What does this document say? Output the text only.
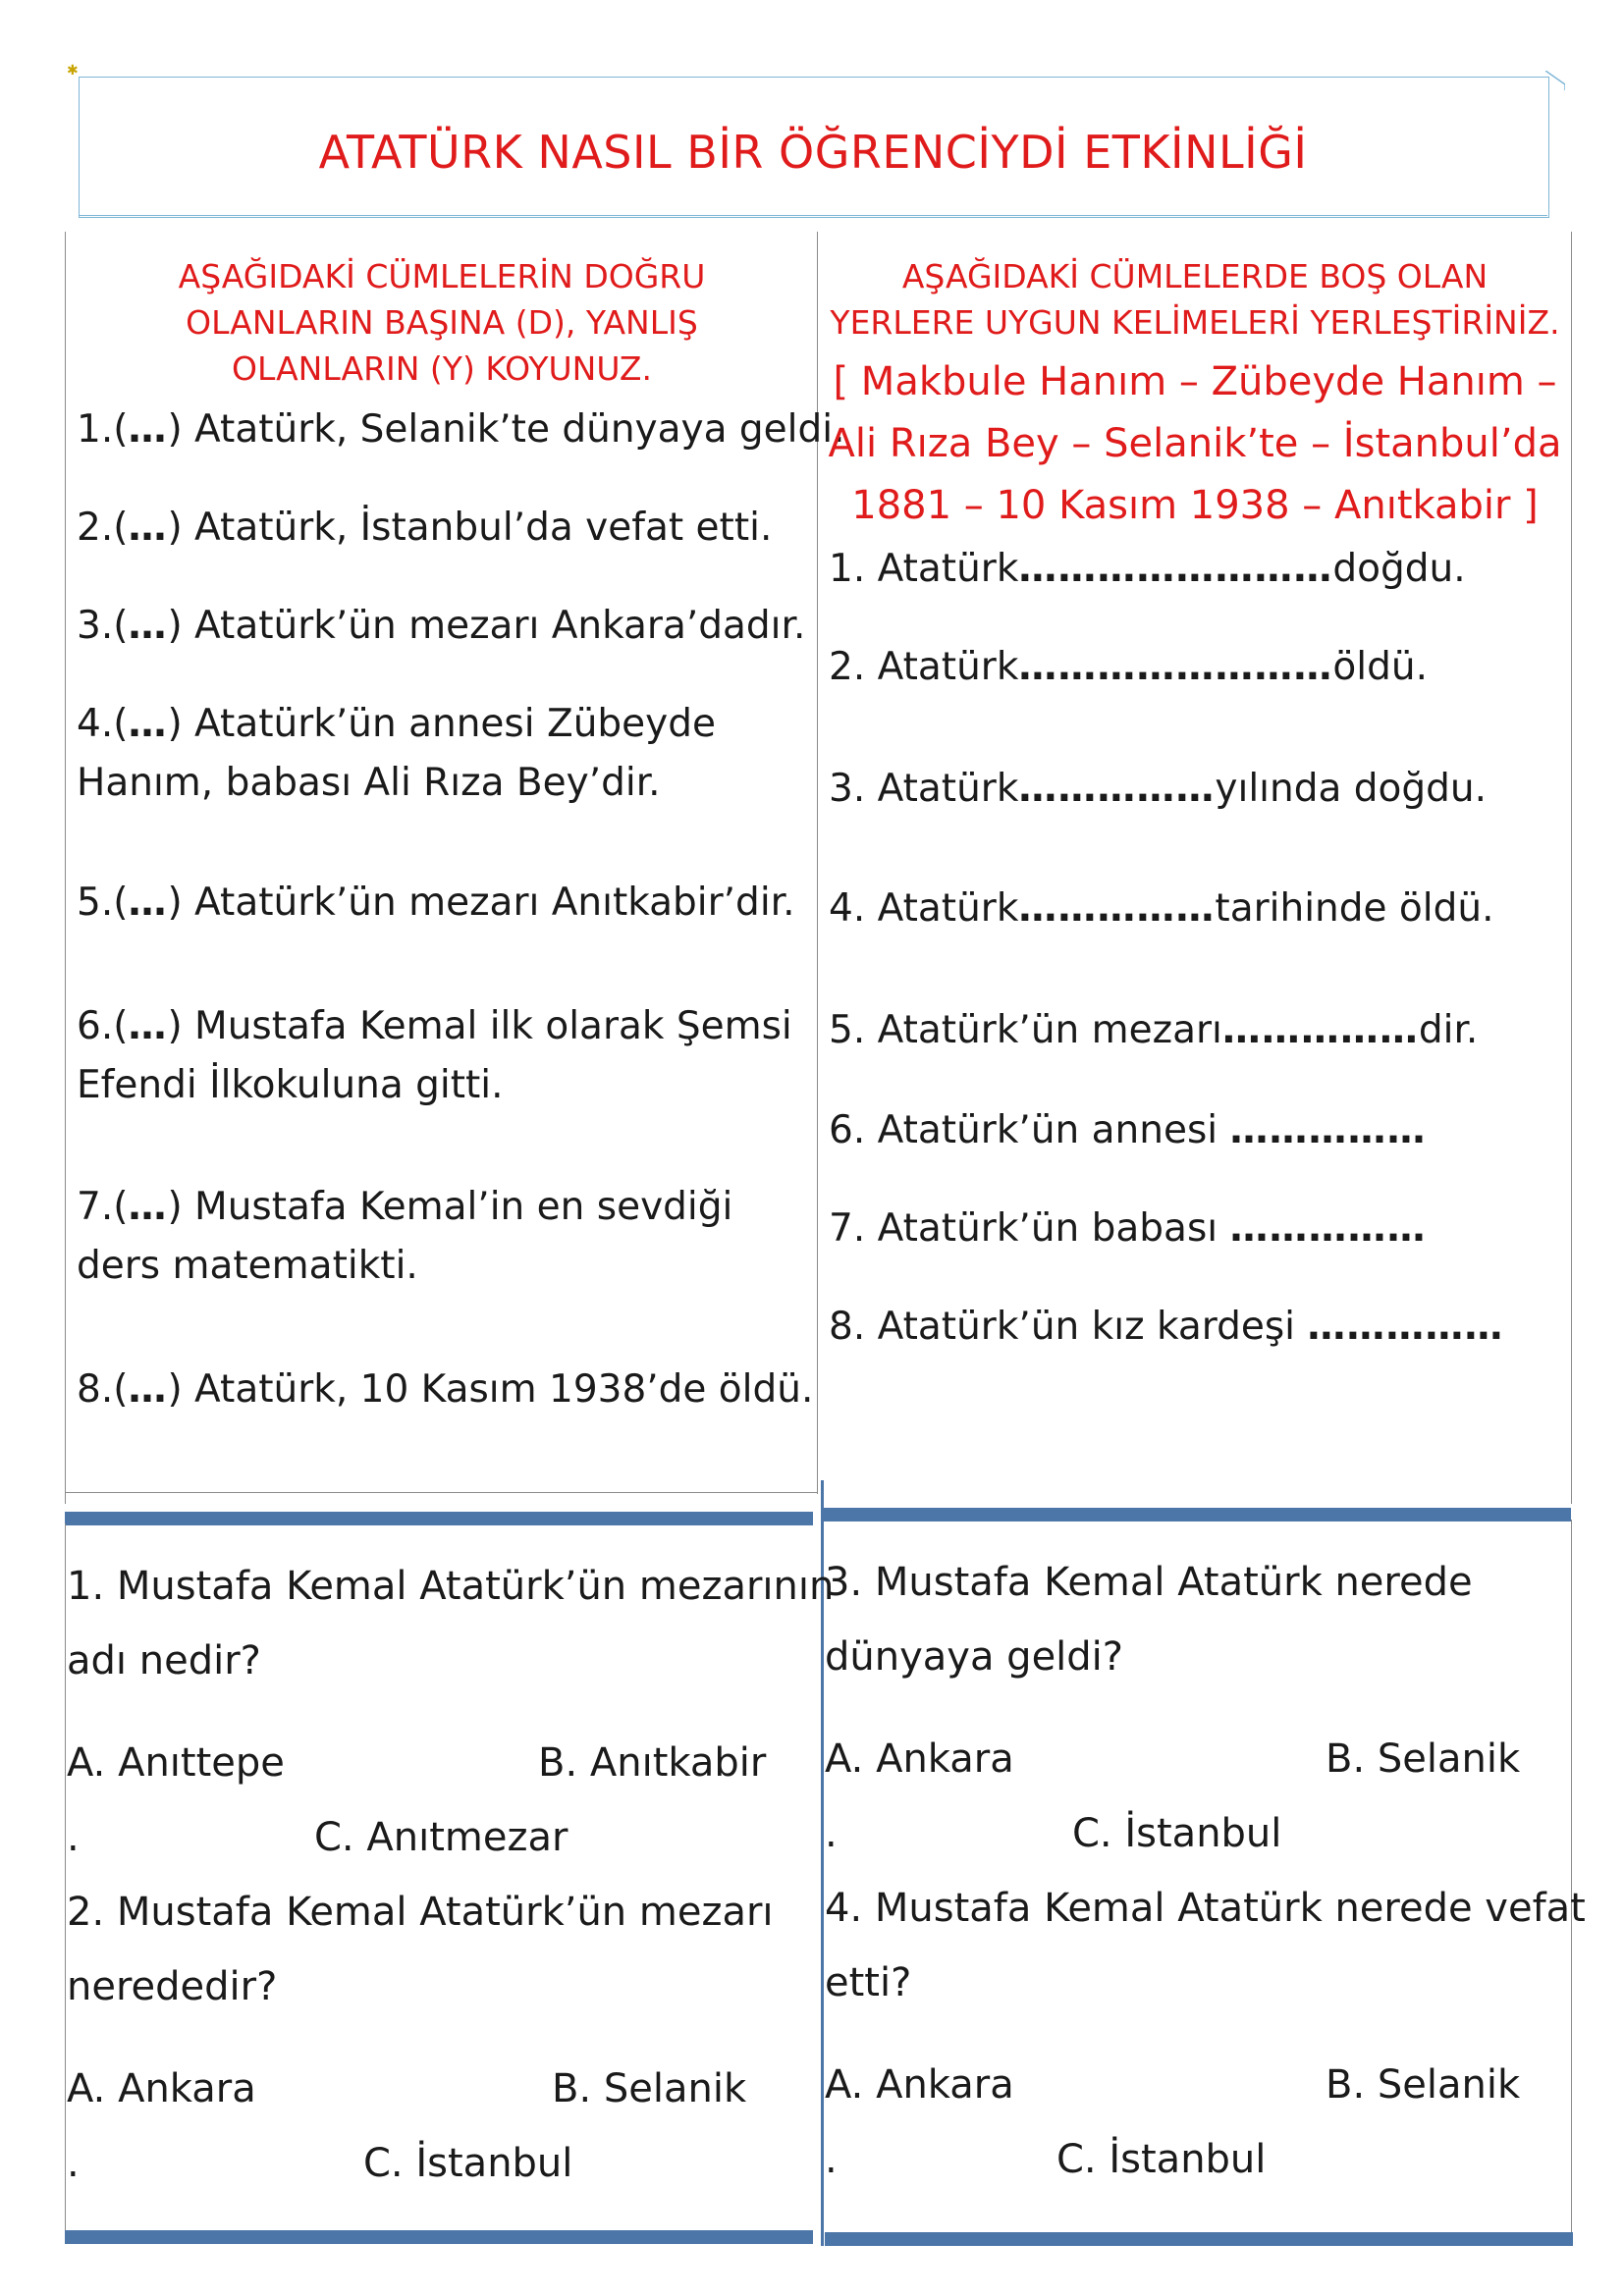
✱
ATATÜRK NASIL BİR ÖĞRENCİYDİ ETKİNLİĞİ
AŞAĞIDAKİ CÜMLELERİN DOĞRU
OLANLARIN BAŞINA (D), YANLIŞ
OLANLARIN (Y) KOYUNUZ.
1.(…) Atatürk, Selanik’te dünyaya geldi.
2.(…) Atatürk, İstanbul’da vefat etti.
3.(…) Atatürk’ün mezarı Ankara’dadır.
4.(…) Atatürk’ün annesi Zübeyde
Hanım, babası Ali Rıza Bey’dir.
5.(…) Atatürk’ün mezarı Anıtkabir’dir.
6.(…) Mustafa Kemal ilk olarak Şemsi
Efendi İlkokuluna gitti.
7.(…) Mustafa Kemal’in en sevdiği
ders matematikti.
8.(…) Atatürk, 10 Kasım 1938’de öldü.
AŞAĞIDAKİ CÜMLELERDE BOŞ OLAN
YERLERE UYGUN KELİMELERİ YERLEŞTİRİNİZ.
[ Makbule Hanım – Zübeyde Hanım –
Ali Rıza Bey – Selanik’te – İstanbul’da
1881 – 10 Kasım 1938 – Anıtkabir ]
1. Atatürk……………………doğdu.
2. Atatürk……………………öldü.
3. Atatürk……………yılında doğdu.
4. Atatürk……………tarihinde öldü.
5. Atatürk’ün mezarı……………dir.
6. Atatürk’ün annesi ……………
7. Atatürk’ün babası ……………
8. Atatürk’ün kız kardeşi ……………
1. Mustafa Kemal Atatürk’ün mezarının
adı nedir?
A. Anıttepe	B. Anıtkabir
.	C. Anıtmezar
2. Mustafa Kemal Atatürk’ün mezarı
nerededir?
A. Ankara	B. Selanik
.	C. İstanbul
3. Mustafa Kemal Atatürk nerede
dünyaya geldi?
A. Ankara	B. Selanik
.	C. İstanbul
4. Mustafa Kemal Atatürk nerede vefat
etti?
A. Ankara	B. Selanik
.	C. İstanbul
